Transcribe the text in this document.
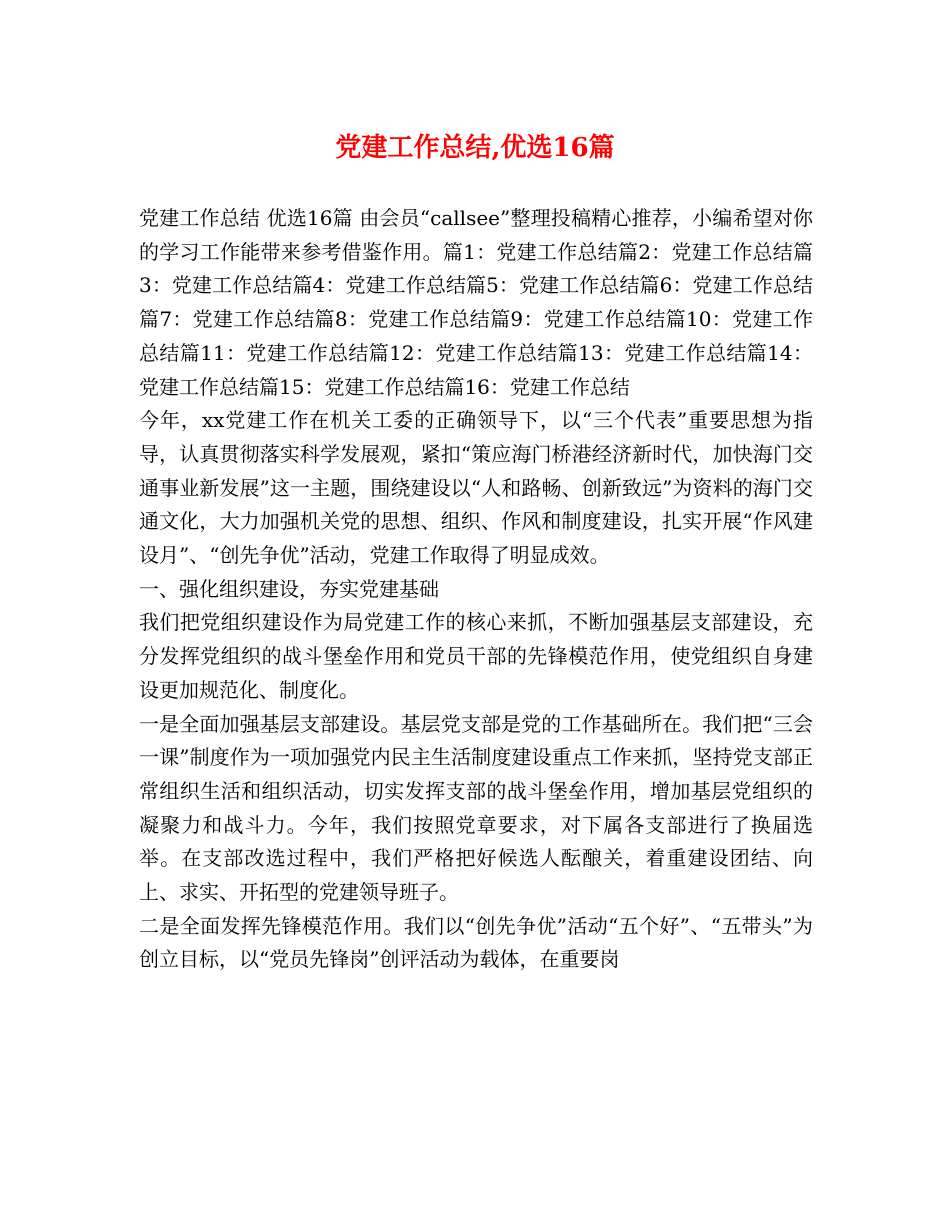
党建工作总结,优选16篇

党建工作总结 优选16篇 由会员“callsee”整理投稿精心推荐，小编希望对你的学习工作能带来参考借鉴作用。篇1：党建工作总结篇2：党建工作总结篇3：党建工作总结篇4：党建工作总结篇5：党建工作总结篇6：党建工作总结篇7：党建工作总结篇8：党建工作总结篇9：党建工作总结篇10：党建工作总结篇11：党建工作总结篇12：党建工作总结篇13：党建工作总结篇14：党建工作总结篇15：党建工作总结篇16：党建工作总结

今年，xx党建工作在机关工委的正确领导下，以“三个代表”重要思想为指导，认真贯彻落实科学发展观，紧扣“策应海门桥港经济新时代，加快海门交通事业新发展”这一主题，围绕建设以“人和路畅、创新致远”为资料的海门交通文化，大力加强机关党的思想、组织、作风和制度建设，扎实开展“作风建设月”、“创先争优”活动，党建工作取得了明显成效。

一、强化组织建设，夯实党建基础

我们把党组织建设作为局党建工作的核心来抓，不断加强基层支部建设，充分发挥党组织的战斗堡垒作用和党员干部的先锋模范作用，使党组织自身建设更加规范化、制度化。

一是全面加强基层支部建设。基层党支部是党的工作基础所在。我们把“三会一课”制度作为一项加强党内民主生活制度建设重点工作来抓，坚持党支部正常组织生活和组织活动，切实发挥支部的战斗堡垒作用，增加基层党组织的凝聚力和战斗力。今年，我们按照党章要求，对下属各支部进行了换届选举。在支部改选过程中，我们严格把好候选人酝酿关，着重建设团结、向上、求实、开拓型的党建领导班子。

二是全面发挥先锋模范作用。我们以“创先争优”活动“五个好”、“五带头”为创立目标，以“党员先锋岗”创评活动为载体，在重要岗
